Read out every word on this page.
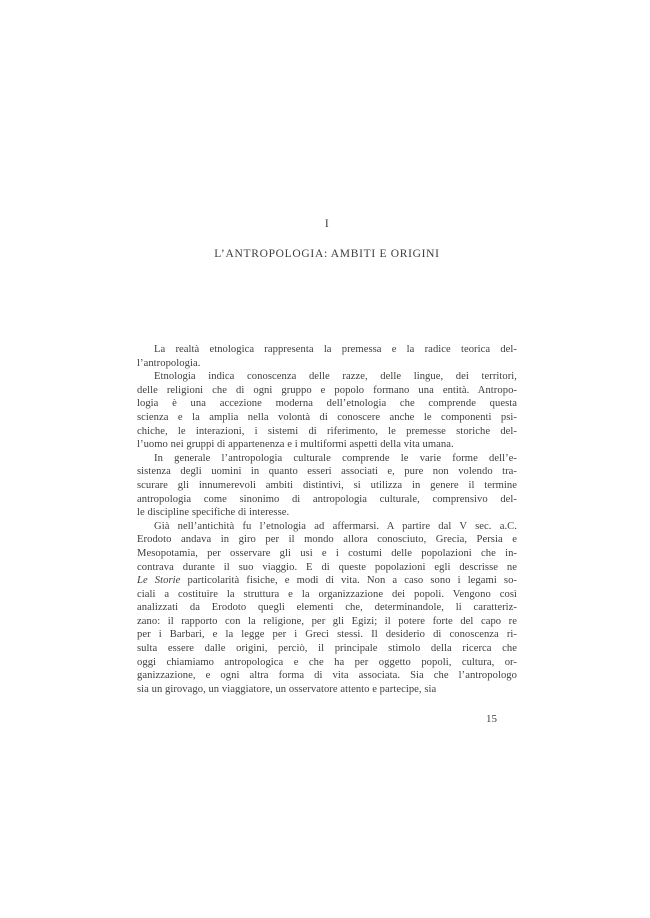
I
L’ANTROPOLOGIA: AMBITI E ORIGINI
La realtà etnologica rappresenta la premessa e la radice teorica del-
l’antropologia.
Etnologia indica conoscenza delle razze, delle lingue, dei territori,
delle religioni che di ogni gruppo e popolo formano una entità. Antropo-
logia è una accezione moderna dell’etnologia che comprende questa
scienza e la amplia nella volontà di conoscere anche le componenti psi-
chiche, le interazioni, i sistemi di riferimento, le premesse storiche del-
l’uomo nei gruppi di appartenenza e i multiformi aspetti della vita umana.
In generale l’antropologia culturale comprende le varie forme dell’e-
sistenza degli uomini in quanto esseri associati e, pure non volendo tra-
scurare gli innumerevoli ambiti distintivi, si utilizza in genere il termine
antropologia come sinonimo di antropologia culturale, comprensivo del-
le discipline specifiche di interesse.
Già nell’antichità fu l’etnologia ad affermarsi. A partire dal V sec. a.C.
Erodoto andava in giro per il mondo allora conosciuto, Grecia, Persia e
Mesopotamia, per osservare gli usi e i costumi delle popolazioni che in-
contrava durante il suo viaggio. E di queste popolazioni egli descrisse ne
Le Storie particolarità fisiche, e modi di vita. Non a caso sono i legami so-
ciali a costituire la struttura e la organizzazione dei popoli. Vengono così
analizzati da Erodoto quegli elementi che, determinandole, li caratteriz-
zano: il rapporto con la religione, per gli Egizi; il potere forte del capo re
per i Barbari, e la legge per i Greci stessi. Il desiderio di conoscenza ri-
sulta essere dalle origini, perciò, il principale stimolo della ricerca che
oggi chiamiamo antropologica e che ha per oggetto popoli, cultura, or-
ganizzazione, e ogni altra forma di vita associata. Sia che l’antropologo
sia un girovago, un viaggiatore, un osservatore attento e partecipe, sia
15
